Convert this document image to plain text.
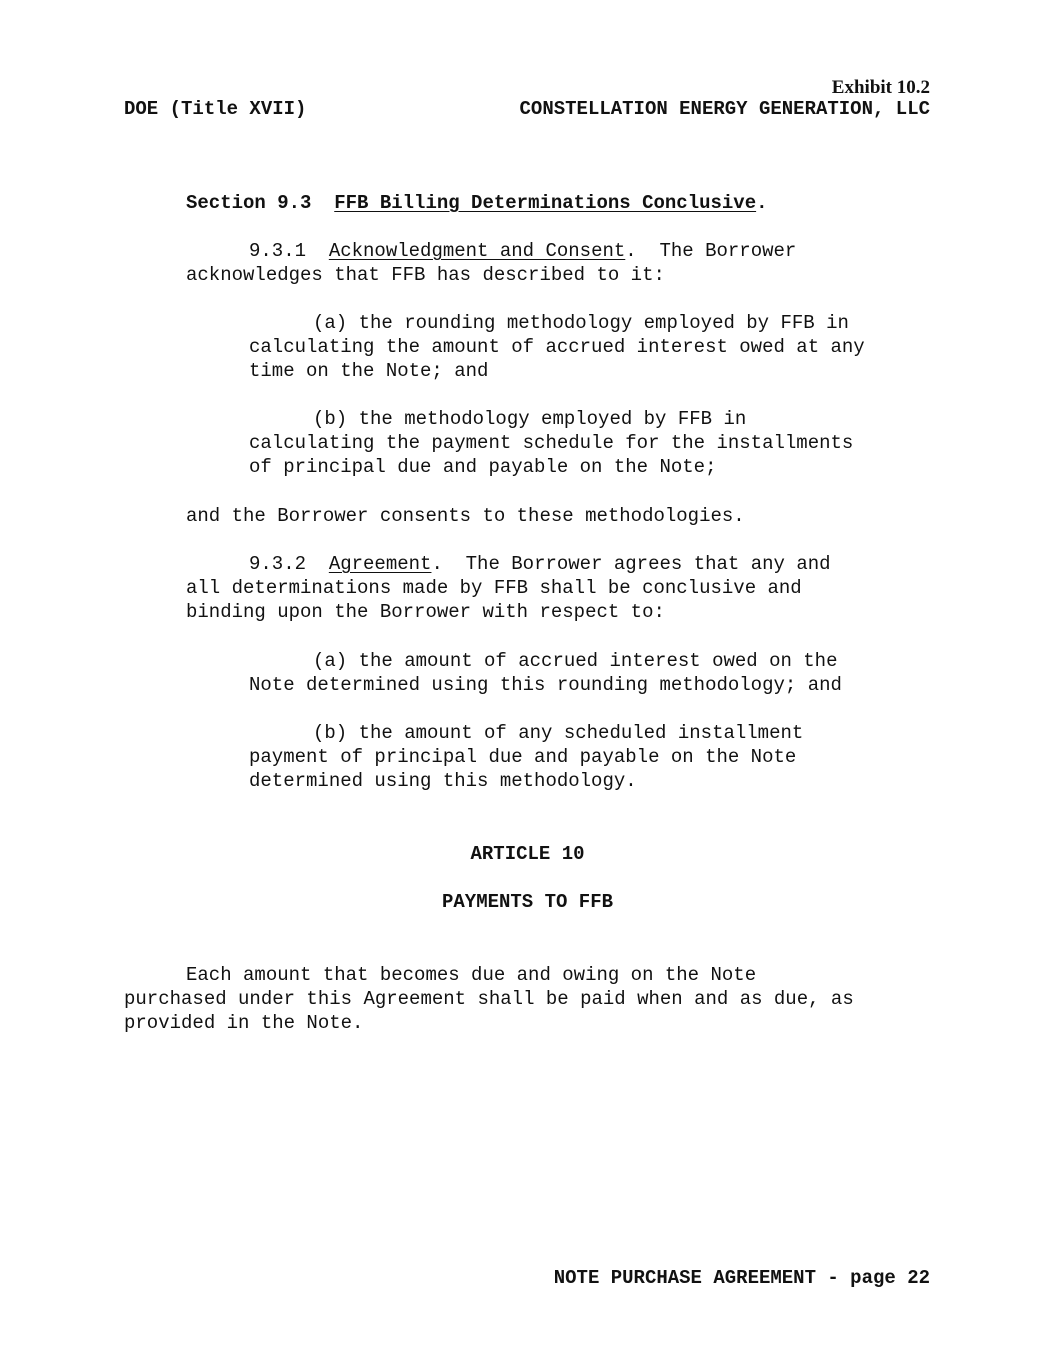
Exhibit 10.2
DOE (Title XVII)	CONSTELLATION ENERGY GENERATION, LLC
Section 9.3 FFB Billing Determinations Conclusive.
9.3.1 Acknowledgment and Consent.  The Borrower
acknowledges that FFB has described to it:
(a) the rounding methodology employed by FFB in
calculating the amount of accrued interest owed at any
time on the Note; and
(b) the methodology employed by FFB in
calculating the payment schedule for the installments
of principal due and payable on the Note;
and the Borrower consents to these methodologies.
9.3.2 Agreement.  The Borrower agrees that any and
all determinations made by FFB shall be conclusive and
binding upon the Borrower with respect to:
(a) the amount of accrued interest owed on the
Note determined using this rounding methodology; and
(b) the amount of any scheduled installment
payment of principal due and payable on the Note
determined using this methodology.
ARTICLE 10
PAYMENTS TO FFB
Each amount that becomes due and owing on the Note
purchased under this Agreement shall be paid when and as due, as
provided in the Note.
NOTE PURCHASE AGREEMENT - page 22
